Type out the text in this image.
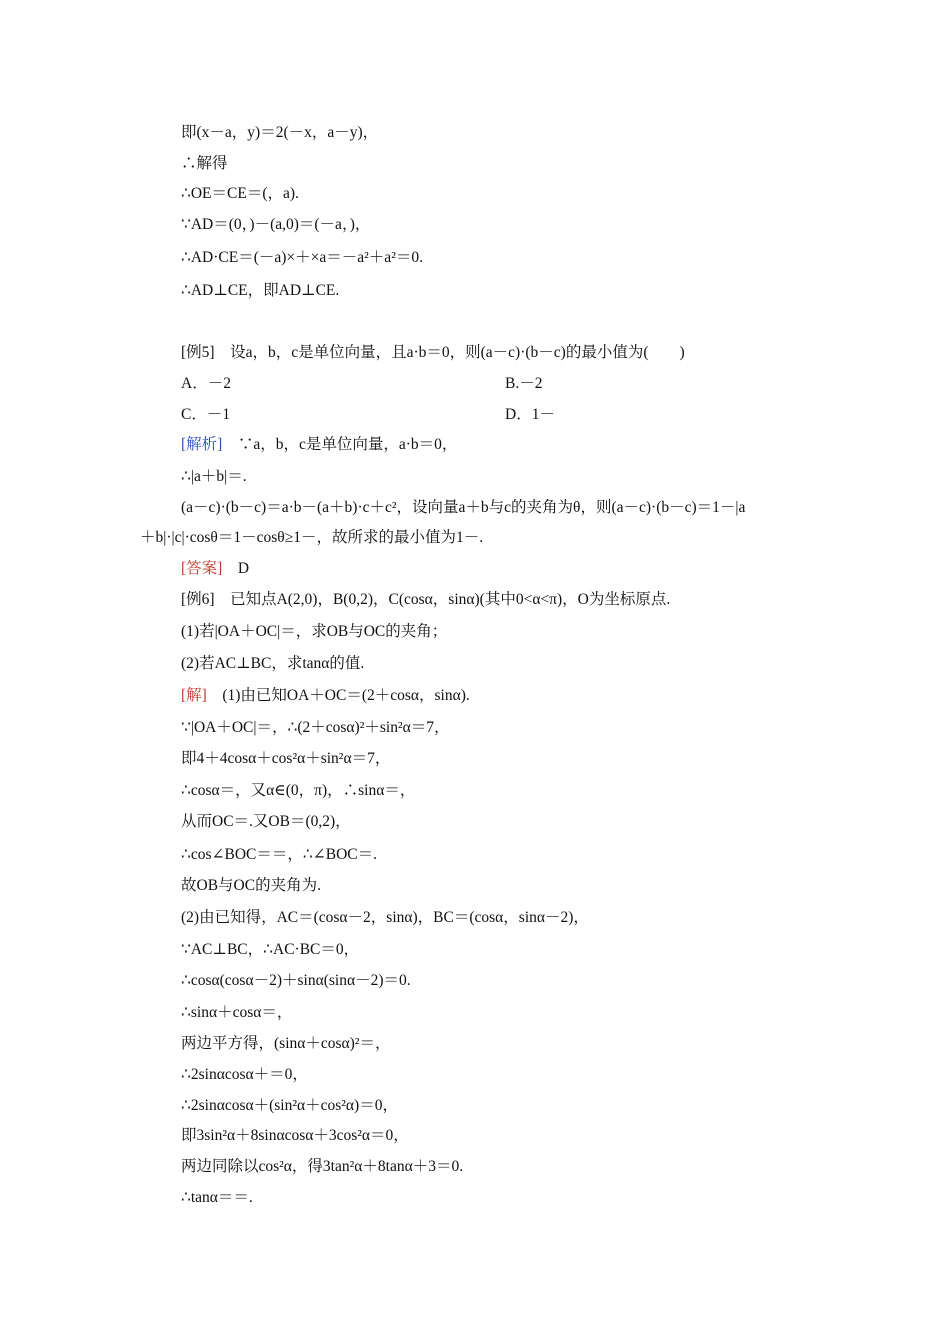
即(x－a，y)＝2(－x，a－y)，
∴解得
∴OE＝CE＝(，a).
∵AD＝(0，)－(a,0)＝(－a，)，
∴AD·CE＝(－a)×＋×a＝－a²＋a²＝0.
∴AD⊥CE，即AD⊥CE.
[例5] 设a，b，c是单位向量，且a·b＝0，则(a－c)·(b－c)的最小值为(　　)
A．－2	B.－2
C．－1	D．1－
[解析] ∵a，b，c是单位向量，a·b＝0，
∴|a＋b|＝.
(a－c)·(b－c)＝a·b－(a＋b)·c＋c²，设向量a＋b与c的夹角为θ，则(a－c)·(b－c)＝1－|a
＋b|·|c|·cosθ＝1－cosθ≥1－，故所求的最小值为1－.
[答案] D
[例6] 已知点A(2,0)，B(0,2)，C(cosα，sinα)(其中0<α<π)，O为坐标原点.
(1)若|OA＋OC|＝，求OB与OC的夹角；
(2)若AC⊥BC，求tanα的值.
[解] (1)由已知OA＋OC＝(2＋cosα，sinα).
∵|OA＋OC|＝，∴(2＋cosα)²＋sin²α＝7，
即4＋4cosα＋cos²α＋sin²α＝7，
∴cosα＝，又α∈(0，π)，∴sinα＝，
从而OC＝.又OB＝(0,2)，
∴cos∠BOC＝＝，∴∠BOC＝.
故OB与OC的夹角为.
(2)由已知得，AC＝(cosα－2，sinα)，BC＝(cosα，sinα－2)，
∵AC⊥BC，∴AC·BC＝0，
∴cosα(cosα－2)＋sinα(sinα－2)＝0.
∴sinα＋cosα＝，
两边平方得，(sinα＋cosα)²＝，
∴2sinαcosα＋＝0，
∴2sinαcosα＋(sin²α＋cos²α)＝0，
即3sin²α＋8sinαcosα＋3cos²α＝0，
两边同除以cos²α，得3tan²α＋8tanα＋3＝0.
∴tanα＝＝.
